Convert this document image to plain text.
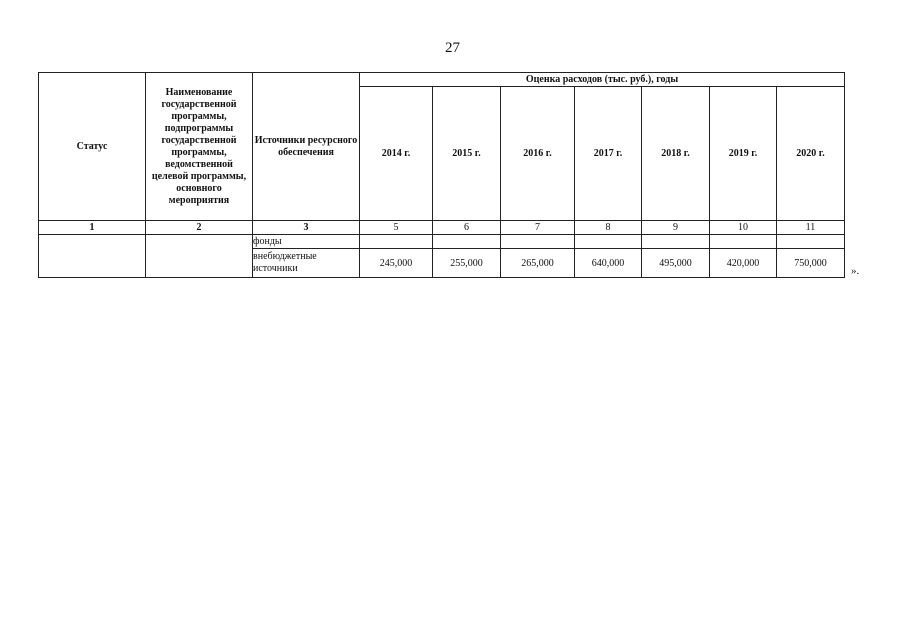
27
Статус	Наименование государственной программы, подпрограммы государственной программы, ведомственной целевой программы, основного мероприятия	Источники ресурсного обеспечения	Оценка расходов (тыс. руб.), годы						
			2014 г.	2015 г.	2016 г.	2017 г.	2018 г.	2019 г.	2020 г.
1	2	3	5	6	7	8	9	10	11
		фонды							
		внебюджетные источники	245,000	255,000	265,000	640,000	495,000	420,000	750,000
».
